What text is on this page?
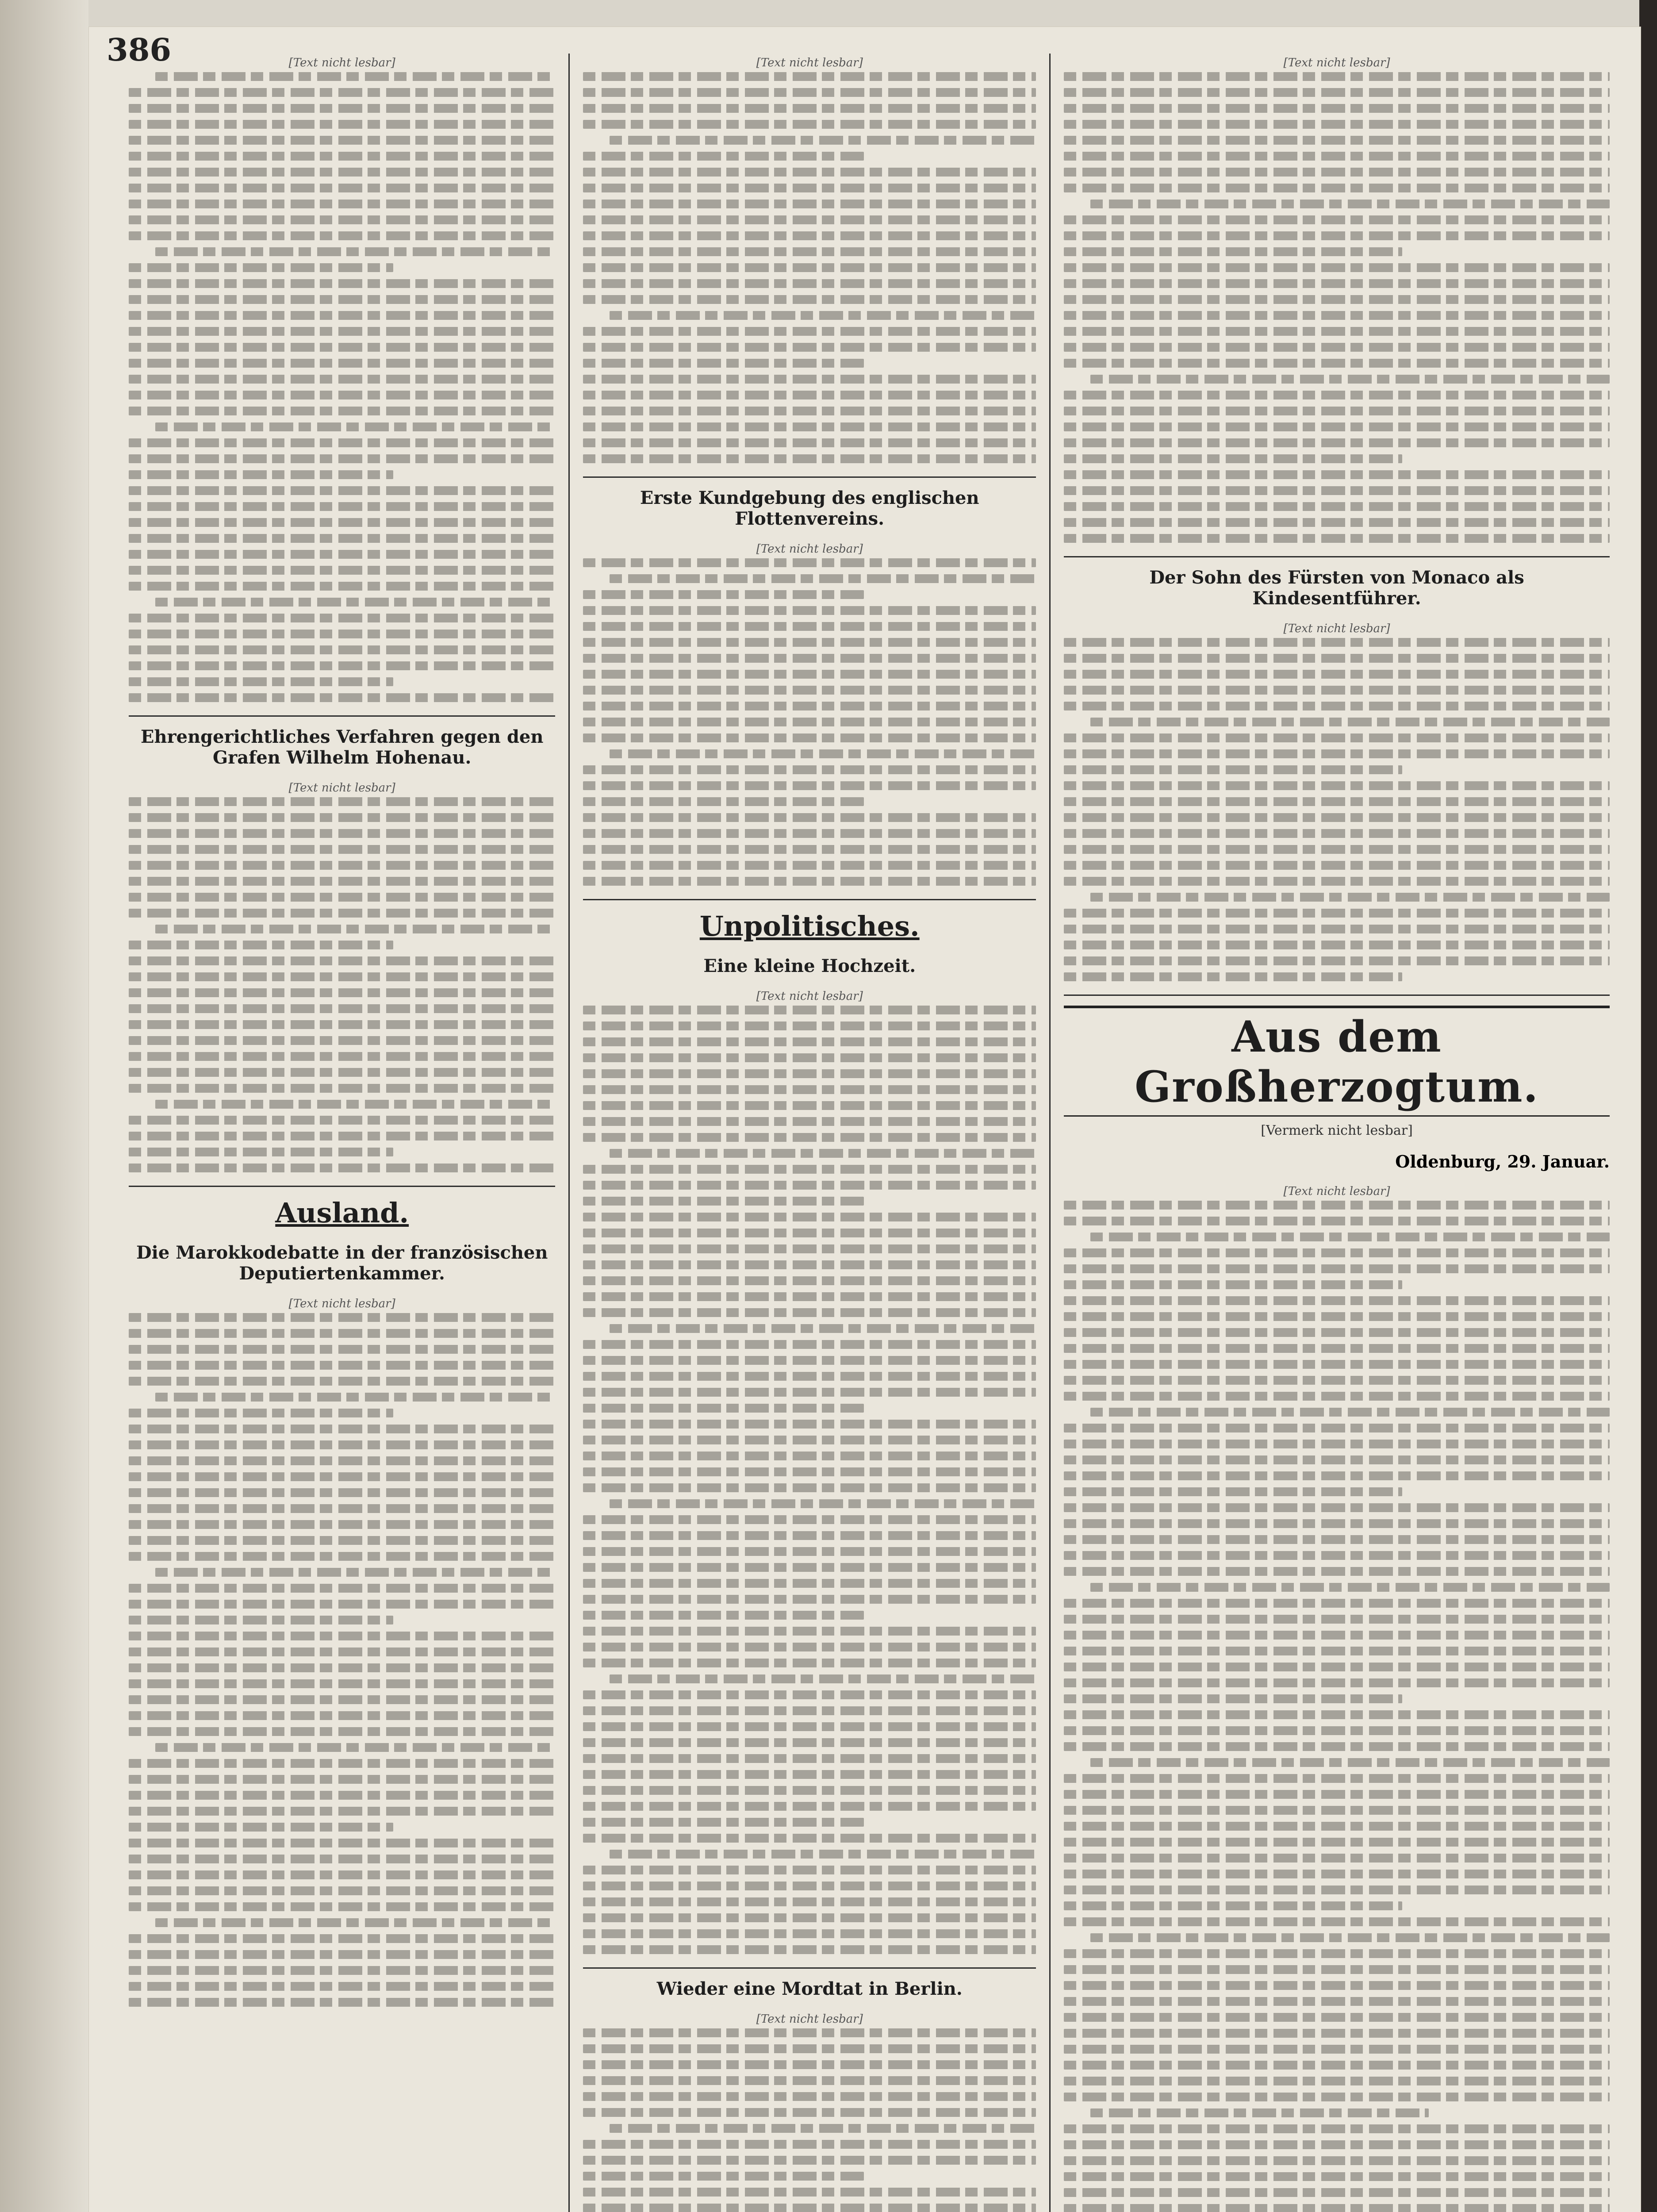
386	[Text nicht lesbar]
Ehrengerichtliches Verfahren gegen den Grafen Wilhelm Hohenau.
[Text nicht lesbar]
Ausland.
Die Marokkodebatte in der französischen Deputiertenkammer.
[Text nicht lesbar]
[Text nicht lesbar]
Erste Kundgebung des englischen Flottenvereins.
[Text nicht lesbar]
Unpolitisches.
Eine kleine Hochzeit.
[Text nicht lesbar]
Wieder eine Mordtat in Berlin.
[Text nicht lesbar]
[Text nicht lesbar]
Der Sohn des Fürsten von Monaco als Kindesentführer.
[Text nicht lesbar]
Aus dem Großherzogtum.
[Vermerk nicht lesbar]
Oldenburg, 29. Januar.
[Text nicht lesbar]
